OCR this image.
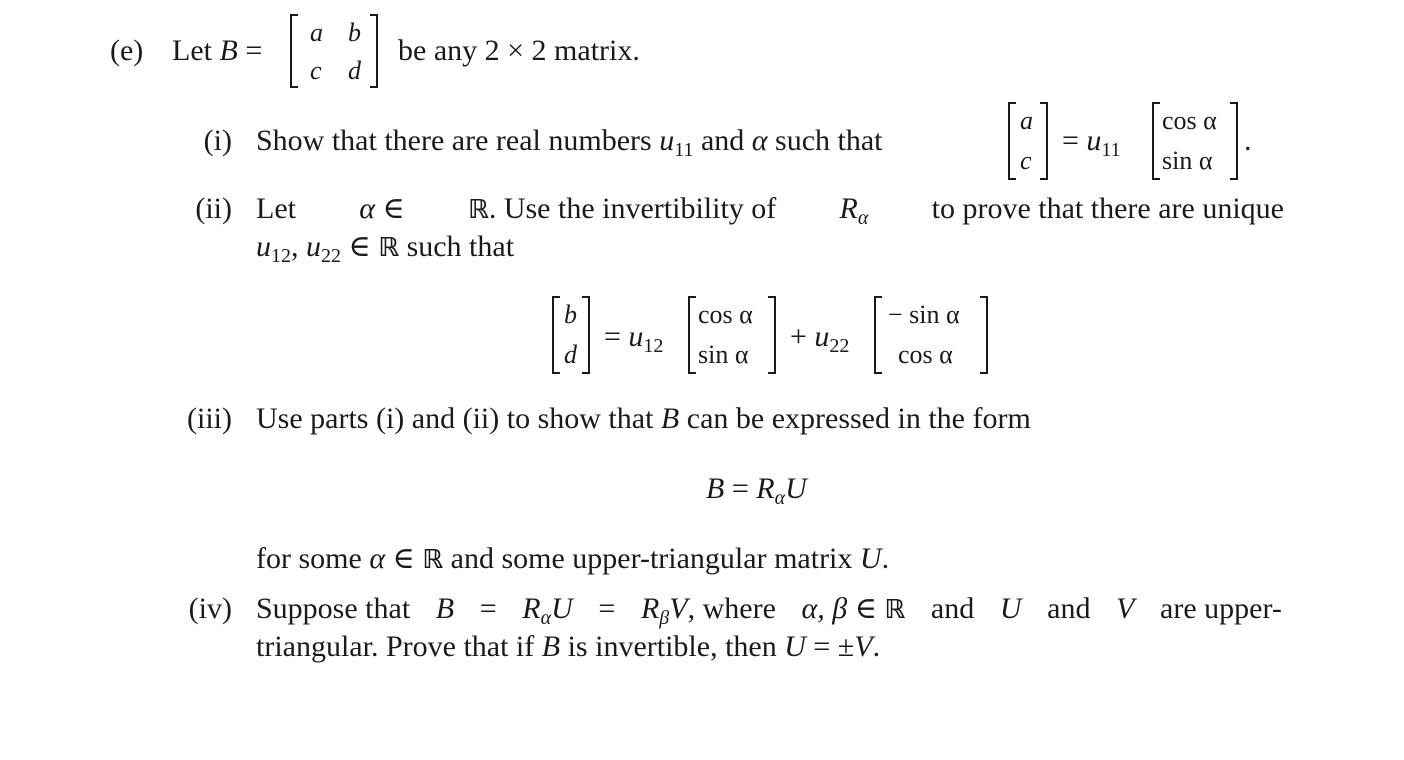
(e) Let B =
a b
c d
be any 2 × 2 matrix.
(i) Show that there are real numbers $u_{11}$ and α such that
a
c
= $u_{11}$
cos α
sin α
.
(ii) Let α ∈ ℝ. Use the invertibility of $R_\alpha$ to prove that there are unique
$u_{12}$, $u_{22}$ ∈ ℝ such that
b
d
= $u_{12}$
cos α
sin α
+ $u_{22}$
− sin α
cos α
(iii) Use parts (i) and (ii) to show that B can be expressed in the form
$B = R_\alpha U$
for some α ∈ ℝ and some upper-triangular matrix U.
(iv) Suppose that $B = R_\alpha U = R_\beta V$, where α, β ∈ ℝ and U and V are upper-
triangular. Prove that if B is invertible, then U = ±V.
